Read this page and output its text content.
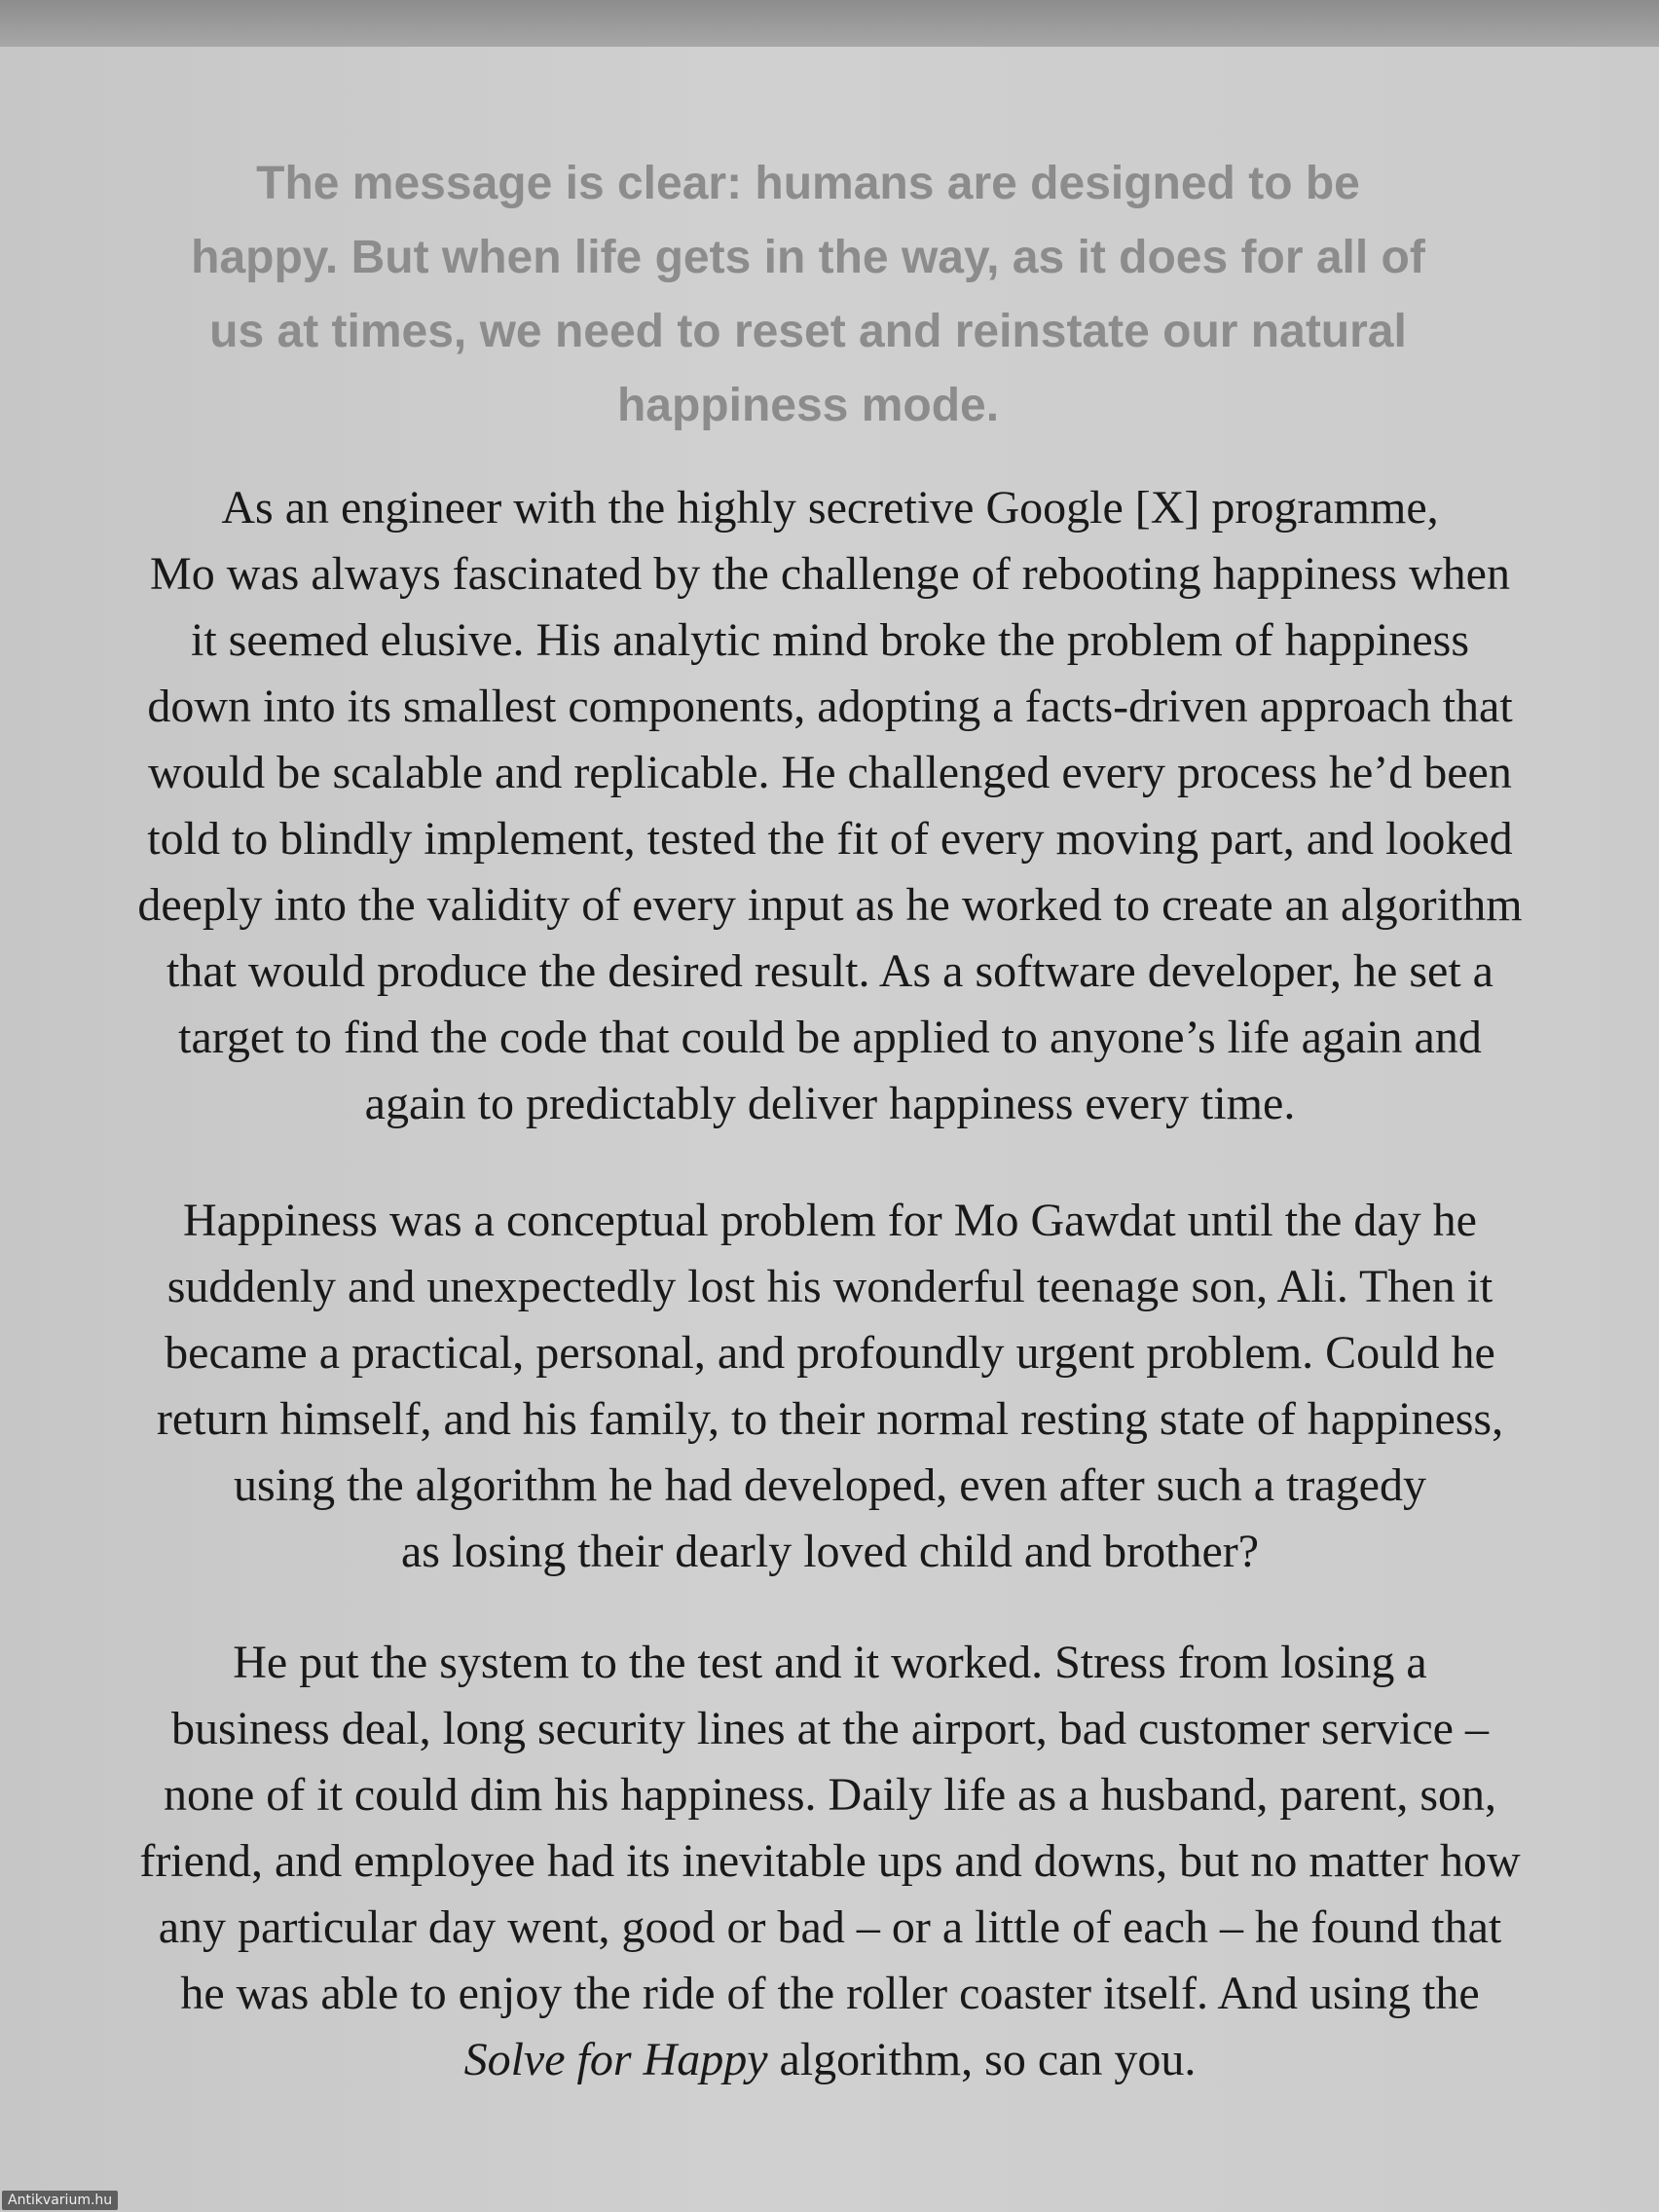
The message is clear: humans are designed to be
happy. But when life gets in the way, as it does for all of
us at times, we need to reset and reinstate our natural
happiness mode.

As an engineer with the highly secretive Google [X] programme,
Mo was always fascinated by the challenge of rebooting happiness when
it seemed elusive. His analytic mind broke the problem of happiness
down into its smallest components, adopting a facts-driven approach that
would be scalable and replicable. He challenged every process he’d been
told to blindly implement, tested the fit of every moving part, and looked
deeply into the validity of every input as he worked to create an algorithm
that would produce the desired result. As a software developer, he set a
target to find the code that could be applied to anyone’s life again and
again to predictably deliver happiness every time.

Happiness was a conceptual problem for Mo Gawdat until the day he
suddenly and unexpectedly lost his wonderful teenage son, Ali. Then it
became a practical, personal, and profoundly urgent problem. Could he
return himself, and his family, to their normal resting state of happiness,
using the algorithm he had developed, even after such a tragedy
as losing their dearly loved child and brother?

He put the system to the test and it worked. Stress from losing a
business deal, long security lines at the airport, bad customer service –
none of it could dim his happiness. Daily life as a husband, parent, son,
friend, and employee had its inevitable ups and downs, but no matter how
any particular day went, good or bad – or a little of each – he found that
he was able to enjoy the ride of the roller coaster itself. And using the
Solve for Happy algorithm, so can you.

Antikvarium.hu
